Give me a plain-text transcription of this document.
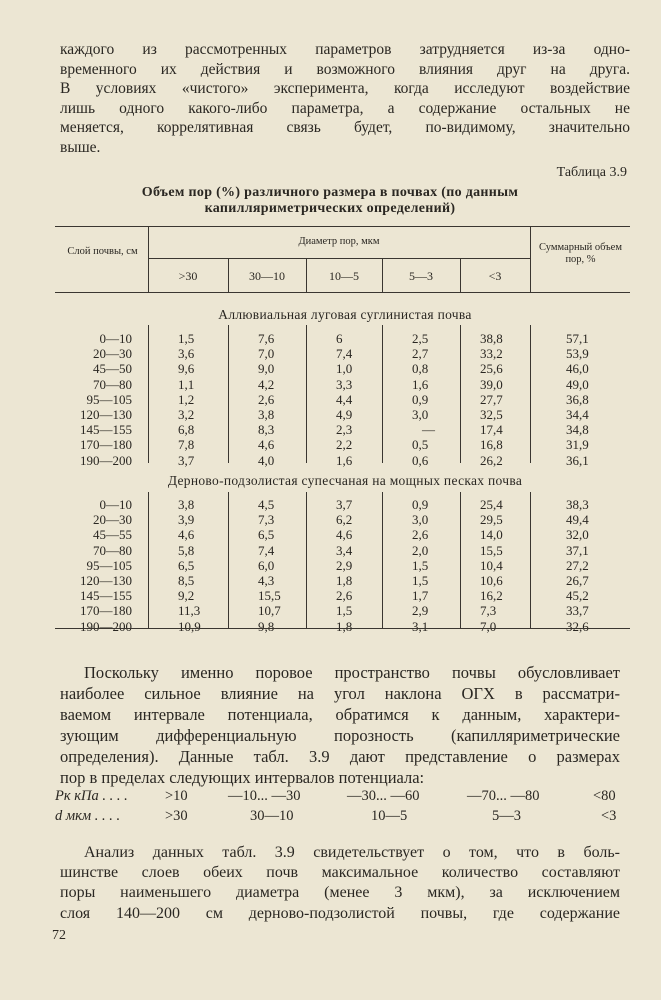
каждого из рассмотренных параметров затрудняется из-за одно-
временного их действия и возможного влияния друг на друга.
В условиях «чистого» эксперимента, когда исследуют воздействие
лишь одного какого-либо параметра, а содержание остальных не
меняется, коррелятивная связь будет, по-видимому, значительно
выше.
Таблица 3.9
Объем пор (%) различного размера в почвах (по данным
капилляриметрических определений)
Слой почвы, см
Диаметр пор, мкм
Суммарный объем пор, %
>30	30—10	10—5	5—3	<3
Аллювиальная луговая суглинистая почва
0—10	1,5	7,6	6	2,5	38,8	57,1
20—30	3,6	7,0	7,4	2,7	33,2	53,9
45—50	9,6	9,0	1,0	0,8	25,6	46,0
70—80	1,1	4,2	3,3	1,6	39,0	49,0
95—105	1,2	2,6	4,4	0,9	27,7	36,8
120—130	3,2	3,8	4,9	3,0	32,5	34,4
145—155	6,8	8,3	2,3	—	17,4	34,8
170—180	7,8	4,6	2,2	0,5	16,8	31,9
190—200	3,7	4,0	1,6	0,6	26,2	36,1
Дерново-подзолистая супесчаная на мощных песках почва
0—10	3,8	4,5	3,7	0,9	25,4	38,3
20—30	3,9	7,3	6,2	3,0	29,5	49,4
45—55	4,6	6,5	4,6	2,6	14,0	32,0
70—80	5,8	7,4	3,4	2,0	15,5	37,1
95—105	6,5	6,0	2,9	1,5	10,4	27,2
120—130	8,5	4,3	1,8	1,5	10,6	26,7
145—155	9,2	15,5	2,6	1,7	16,2	45,2
170—180	11,3	10,7	1,5	2,9	7,3	33,7
190—200	10,9	9,8	1,8	3,1	7,0	32,6
Поскольку именно поровое пространство почвы обусловливает
наиболее сильное влияние на угол наклона ОГХ в рассматри-
ваемом интервале потенциала, обратимся к данным, характери-
зующим дифференциальную порозность (капилляриметрические
определения). Данные табл. 3.9 дают представление о размерах
пор в пределах следующих интервалов потенциала:
Pк кПа . . . .	>10	—10... —30	—30... —60	—70... —80	<80
d мкм . . . .	>30	30—10	10—5	5—3	<3
Анализ данных табл. 3.9 свидетельствует о том, что в боль-
шинстве слоев обеих почв максимальное количество составляют
поры наименьшего диаметра (менее 3 мкм), за исключением
слоя 140—200 см дерново-подзолистой почвы, где содержание
72
